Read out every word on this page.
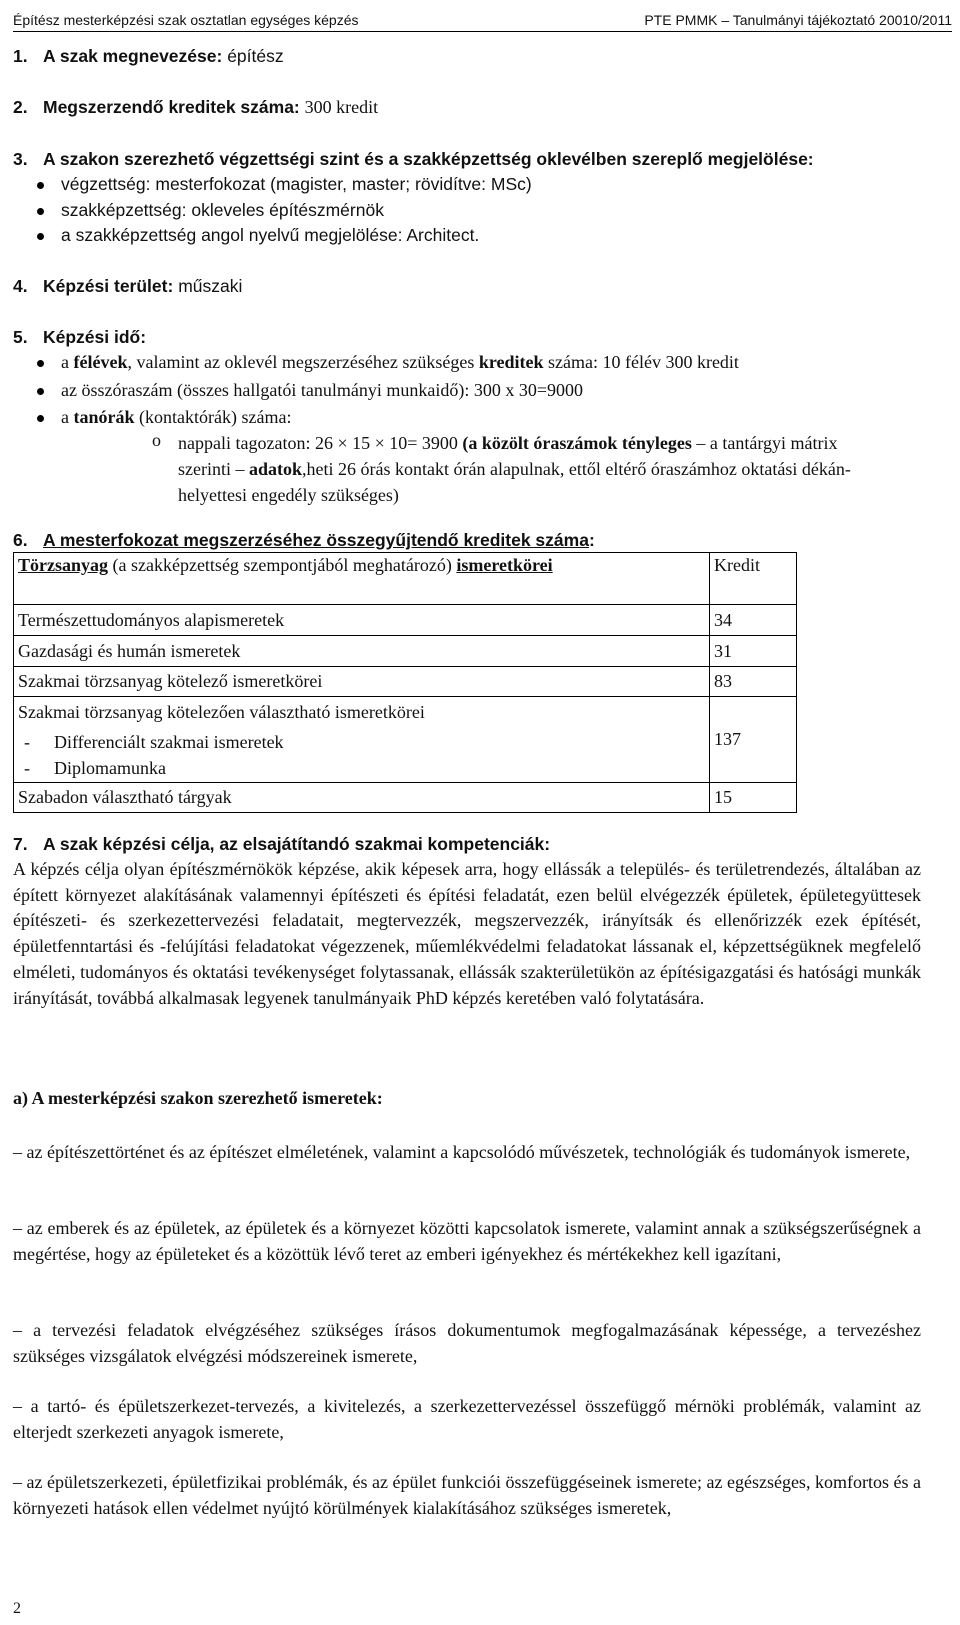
Építész mesterképzési szak osztatlan egységes képzés	PTE PMMK – Tanulmányi tájékoztató 20010/2011
1. A szak megnevezése: építész
2. Megszerzendő kreditek száma: 300 kredit
3. A szakon szerezhető végzettségi szint és a szakképzettség oklevélben szereplő megjelölése:
végzettség: mesterfokozat (magister, master; rövidítve: MSc)
szakképzettség: okleveles építészmérnök
a szakképzettség angol nyelvű megjelölése: Architect.
4. Képzési terület: műszaki
5. Képzési idő:
a félévek, valamint az oklevél megszerzéséhez szükséges kreditek száma: 10 félév 300 kredit
az összóraszám (összes hallgatói tanulmányi munkaidő): 300 x 30=9000
a tanórák (kontaktórák) száma:
o nappali tagozaton: 26 × 15 × 10= 3900 (a közölt óraszámok tényleges – a tantárgyi mátrix szerinti – adatok,heti 26 órás kontakt órán alapulnak, ettől eltérő óraszámhoz oktatási dékán-helyettesi engedély szükséges)
6. A mesterfokozat megszerzéséhez összegyűjtendő kreditek száma:
Törzsanyag (a szakképzettség szempontjából meghatározó) ismeretkörei	Kredit
Természettudományos alapismeretek	34
Gazdasági és humán ismeretek	31
Szakmai törzsanyag kötelező ismeretkörei	83

Szakmai törzsanyag kötelezően választható ismeretkörei
- Differenciált szakmai ismeretek
- Diplomamunka	137
Szabadon választható tárgyak	15
7. A szak képzési célja, az elsajátítandó szakmai kompetenciák:
A képzés célja olyan építészmérnökök képzése, akik képesek arra, hogy ellássák a település- és területrendezés, általában az épített környezet alakításának valamennyi építészeti és építési feladatát, ezen belül elvégezzék épületek, épületegyüttesek építészeti- és szerkezettervezési feladatait, megtervezzék, megszervezzék, irányítsák és ellenőrizzék ezek építését, épületfenntartási és -felújítási feladatokat végezzenek, műemlékvédelmi feladatokat lássanak el, képzettségüknek megfelelő elméleti, tudományos és oktatási tevékenységet folytassanak, ellássák szakterületükön az építésigazgatási és hatósági munkák irányítását, továbbá alkalmasak legyenek tanulmányaik PhD képzés keretében való folytatására.
a) A mesterképzési szakon szerezhető ismeretek:
– az építészettörténet és az építészet elméletének, valamint a kapcsolódó művészetek, technológiák és tudományok ismerete,
– az emberek és az épületek, az épületek és a környezet közötti kapcsolatok ismerete, valamint annak a szükségszerűségnek a megértése, hogy az épületeket és a közöttük lévő teret az emberi igényekhez és mértékekhez kell igazítani,
– a tervezési feladatok elvégzéséhez szükséges írásos dokumentumok megfogalmazásának képessége, a tervezéshez szükséges vizsgálatok elvégzési módszereinek ismerete,
– a tartó- és épületszerkezet-tervezés, a kivitelezés, a szerkezettervezéssel összefüggő mérnöki problémák, valamint az elterjedt szerkezeti anyagok ismerete,
– az épületszerkezeti, épületfizikai problémák, és az épület funkciói összefüggéseinek ismerete; az egészséges, komfortos és a környezeti hatások ellen védelmet nyújtó körülmények kialakításához szükséges ismeretek,
2
